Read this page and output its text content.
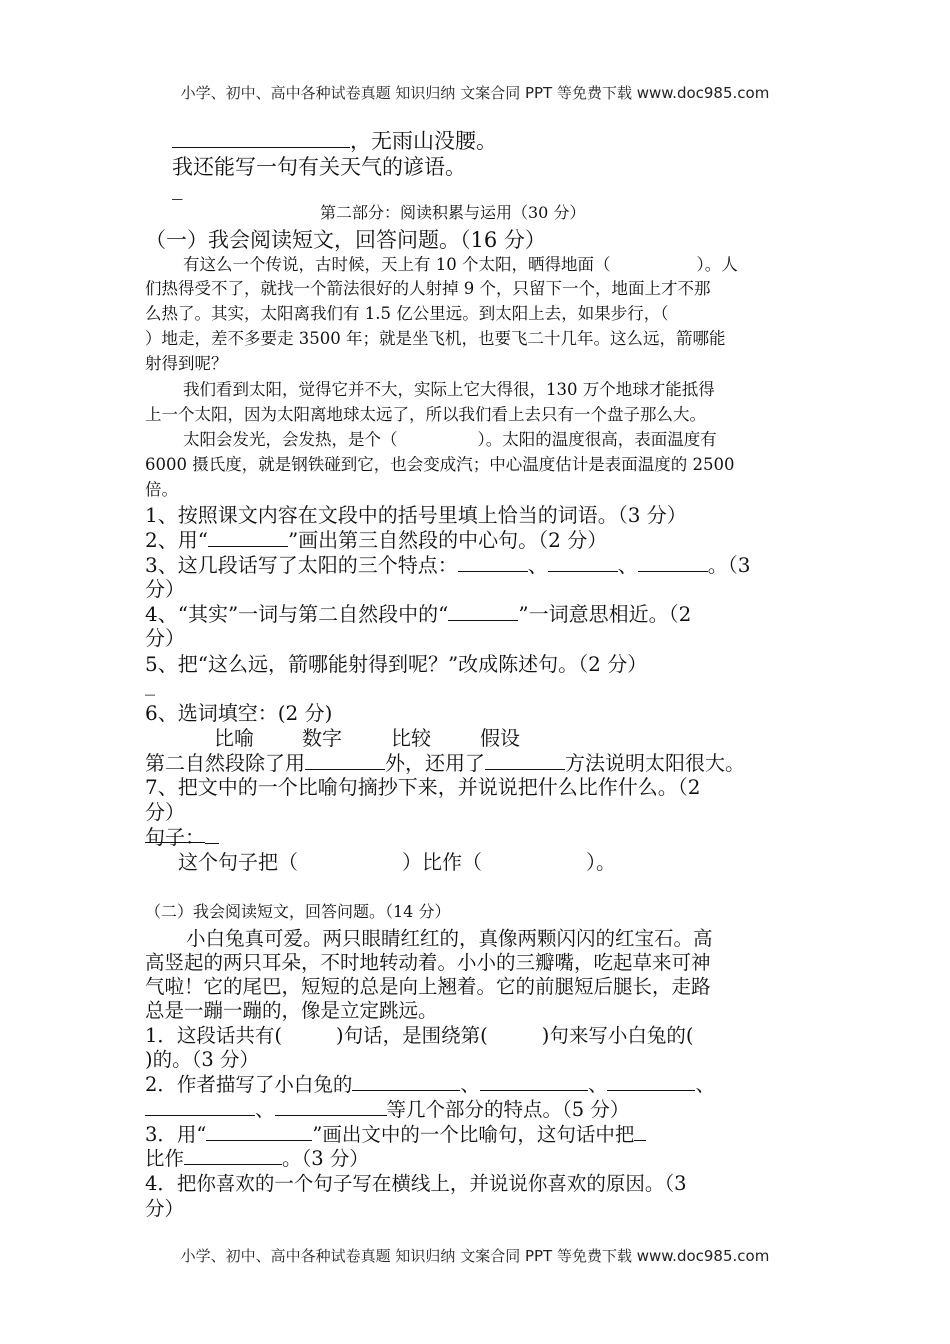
小学、初中、高中各种试卷真题 知识归纳 文案合同 PPT 等免费下载 www.doc985.com
，无雨山没腰。
我还能写一句有关天气的谚语。
_
第二部分：阅读积累与运用（30 分）
（一）我会阅读短文，回答问题。（16 分）
有这么一个传说，古时候，天上有 10 个太阳，晒得地面（	）。人
们热得受不了，就找一个箭法很好的人射掉 9 个，只留下一个，地面上才不那
么热了。其实，太阳离我们有 1.5 亿公里远。到太阳上去，如果步行，（
）地走，差不多要走 3500 年；就是坐飞机，也要飞二十几年。这么远，箭哪能
射得到呢？
我们看到太阳，觉得它并不大，实际上它大得很，130 万个地球才能抵得
上一个太阳，因为太阳离地球太远了，所以我们看上去只有一个盘子那么大。
太阳会发光，会发热，是个（	）。太阳的温度很高，表面温度有
6000 摄氏度，就是钢铁碰到它，也会变成汽；中心温度估计是表面温度的 2500
倍。
1、按照课文内容在文段中的括号里填上恰当的词语。（3 分）
2、用“	”画出第三自然段的中心句。（2 分）
3、这几段话写了太阳的三个特点：	、	、	。（3
分）
4、“其实”一词与第二自然段中的“	”一词意思相近。（2
分）
5、把“这么远，箭哪能射得到呢？”改成陈述句。（2 分）
_
6、选词填空：(2 分)
比喻 数字 比较 假设
第二自然段除了用	外，还用了	方法说明太阳很大。
7、把文中的一个比喻句摘抄下来，并说说把什么比作什么。（2
分）
句子：
这个句子把（	）比作（	）。
（二）我会阅读短文，回答问题。（14 分）
小白兔真可爱。两只眼睛红红的，真像两颗闪闪的红宝石。高
高竖起的两只耳朵，不时地转动着。小小的三瓣嘴，吃起草来可神
气啦！它的尾巴，短短的总是向上翘着。它的前腿短后腿长，走路
总是一蹦一蹦的，像是立定跳远。
1．这段话共有(	)句话，是围绕第(	)句来写小白兔的(
)的。（3 分）
2．作者描写了小白兔的	、	、	、
、	等几个部分的特点。（5 分）
3．用“	”画出文中的一个比喻句，这句话中把
比作	。（3 分）
4．把你喜欢的一个句子写在横线上，并说说你喜欢的原因。（3
分）
小学、初中、高中各种试卷真题 知识归纳 文案合同 PPT 等免费下载 www.doc985.com
